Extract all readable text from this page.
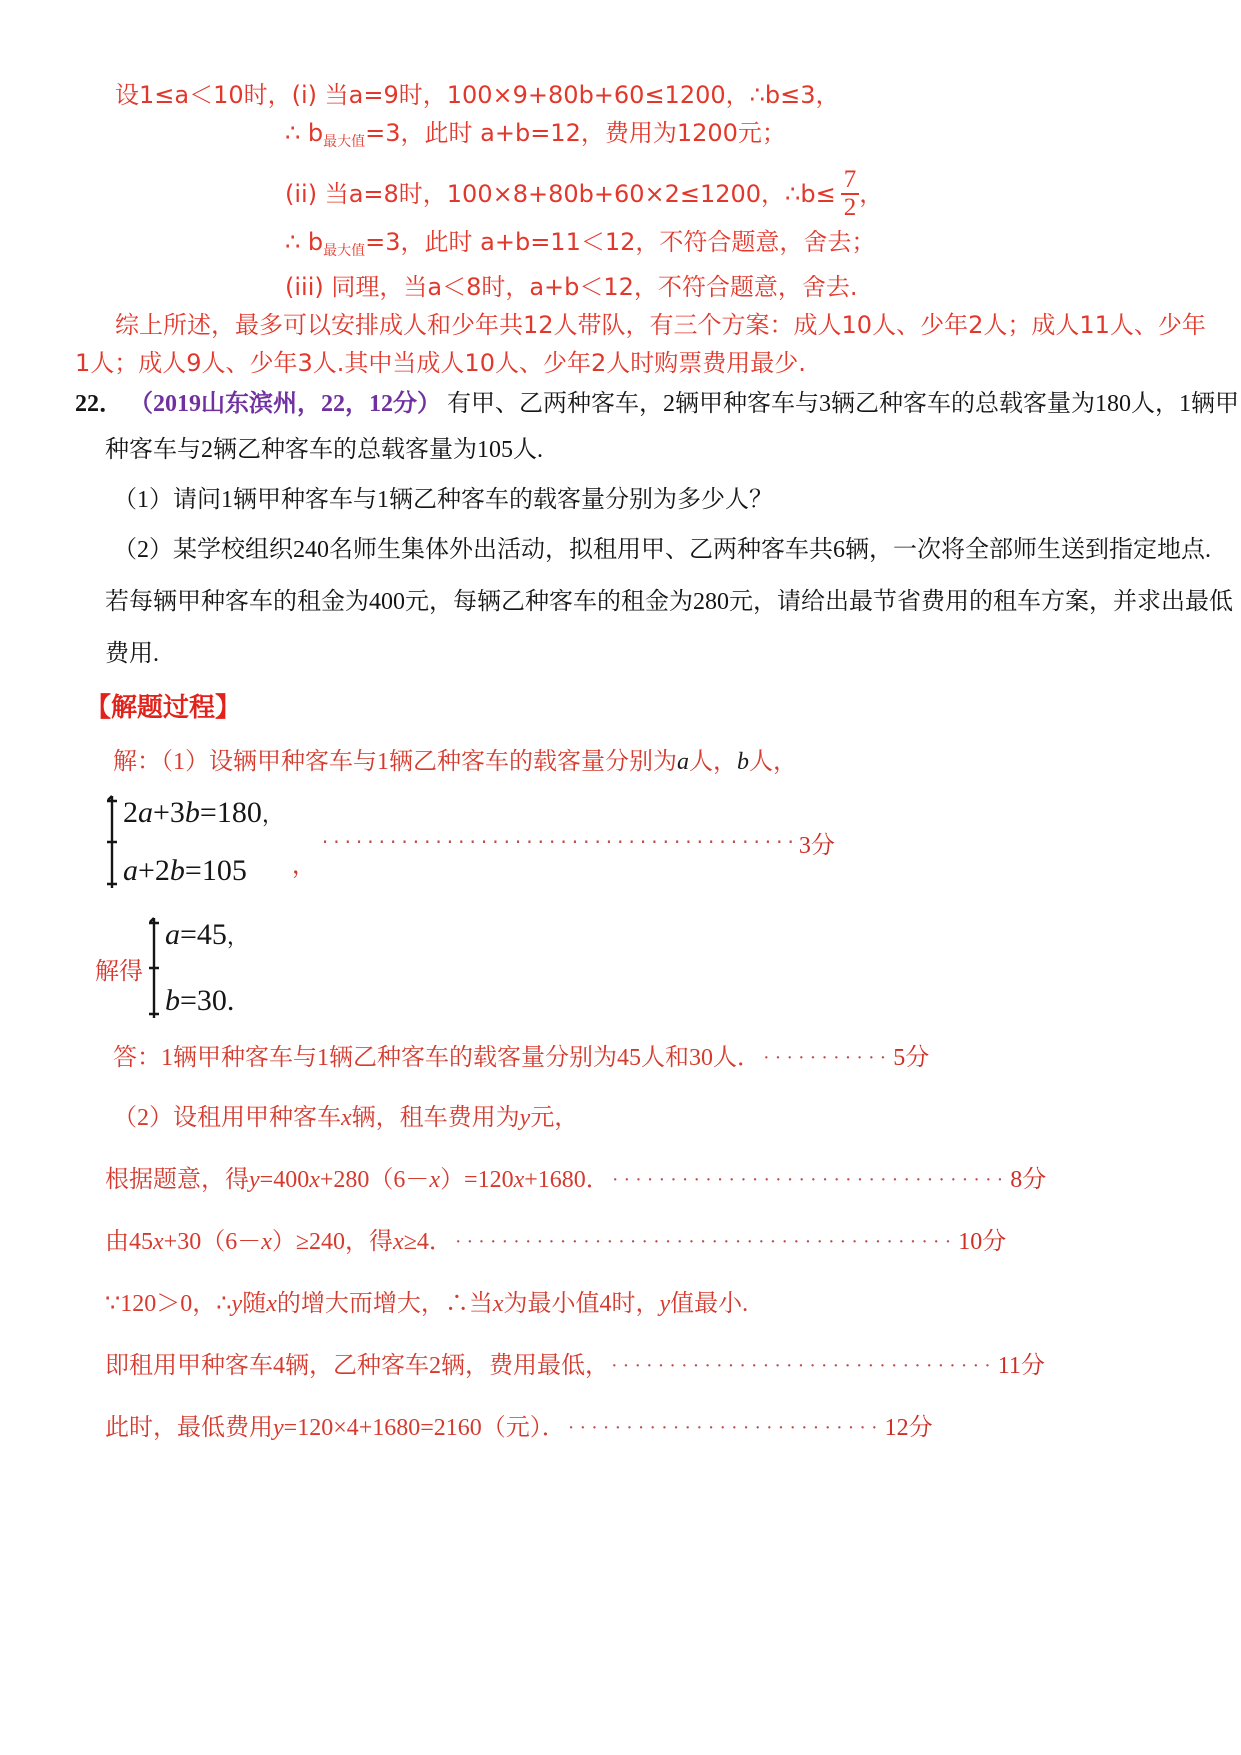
设1≤a＜10时，(i) 当a=9时，100×9+80b+60≤1200，∴b≤3，
∴ $b_{最大值}=3$，此时 a+b=12，费用为1200元；
(ii) 当a=8时，100×8+80b+60×2≤1200，∴b≤ $\frac{7}{2}$ ，
∴ $b_{最大值}=3$，此时 a+b=11＜12，不符合题意，舍去；
(iii) 同理，当a＜8时，a+b＜12，不符合题意，舍去.
综上所述，最多可以安排成人和少年共12人带队，有三个方案：成人10人、少年2人；成人11人、少年
1人；成人9人、少年3人.其中当成人10人、少年2人时购票费用最少.
22． （2019山东滨州，22，12分） 有甲、乙两种客车，2辆甲种客车与3辆乙种客车的总载客量为180人，1辆甲
种客车与2辆乙种客车的总载客量为105人.
（1）请问1辆甲种客车与1辆乙种客车的载客量分别为多少人？
（2）某学校组织240名师生集体外出活动，拟租用甲、乙两种客车共6辆，一次将全部师生送到指定地点.
若每辆甲种客车的租金为400元，每辆乙种客车的租金为280元，请给出最节省费用的租车方案，并求出最低
费用.
【解题过程】
解：（1）设辆甲种客车与1辆乙种客车的载客量分别为a人，b人，
2a+3b=180，
a+2b=105	，
·········································· 3分
解得
a=45，
b=30.
答：1辆甲种客车与1辆乙种客车的载客量分别为45人和30人． ··········· 5分
（2）设租用甲种客车x辆，租车费用为y元，
根据题意，得 y =400 x +280（6－ x ）=120 x +1680． ·································· 8分
由45 x +30（6－ x ）≥240，得 x ≥4． ··········································· 10分
∵120＞0，∴y随x的增大而增大，∴当x为最小值4时，y值最小.
即租用甲种客车4辆，乙种客车2辆，费用最低， ································· 11分
此时，最低费用 y =120×4+1680=2160（元）． ··························· 12分
